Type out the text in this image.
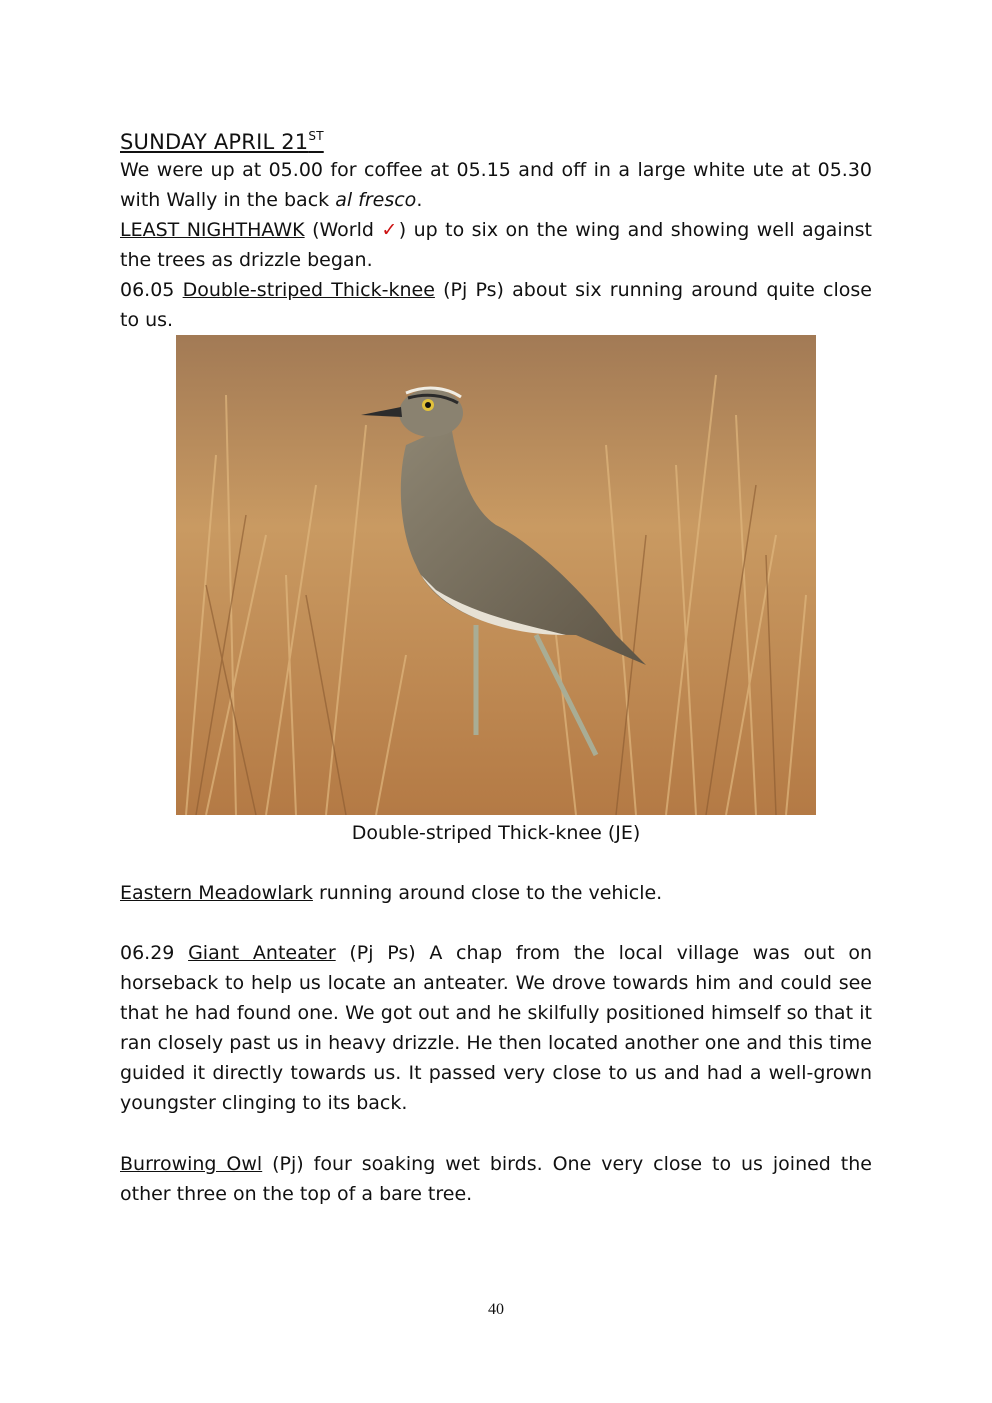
SUNDAY APRIL 21ST
We were up at 05.00 for coffee at 05.15 and off in a large white ute at 05.30 with Wally in the back al fresco.
LEAST NIGHTHAWK (World ✓) up to six on the wing and showing well against the trees as drizzle began.
06.05 Double-striped Thick-knee (Pj Ps) about six running around quite close to us.
Double-striped Thick-knee (JE)
Eastern Meadowlark running around close to the vehicle.
06.29 Giant Anteater (Pj Ps) A chap from the local village was out on horseback to help us locate an anteater. We drove towards him and could see that he had found one. We got out and he skilfully positioned himself so that it ran closely past us in heavy drizzle. He then located another one and this time guided it directly towards us. It passed very close to us and had a well-grown youngster clinging to its back.
Burrowing Owl (Pj) four soaking wet birds. One very close to us joined the other three on the top of a bare tree.
40
